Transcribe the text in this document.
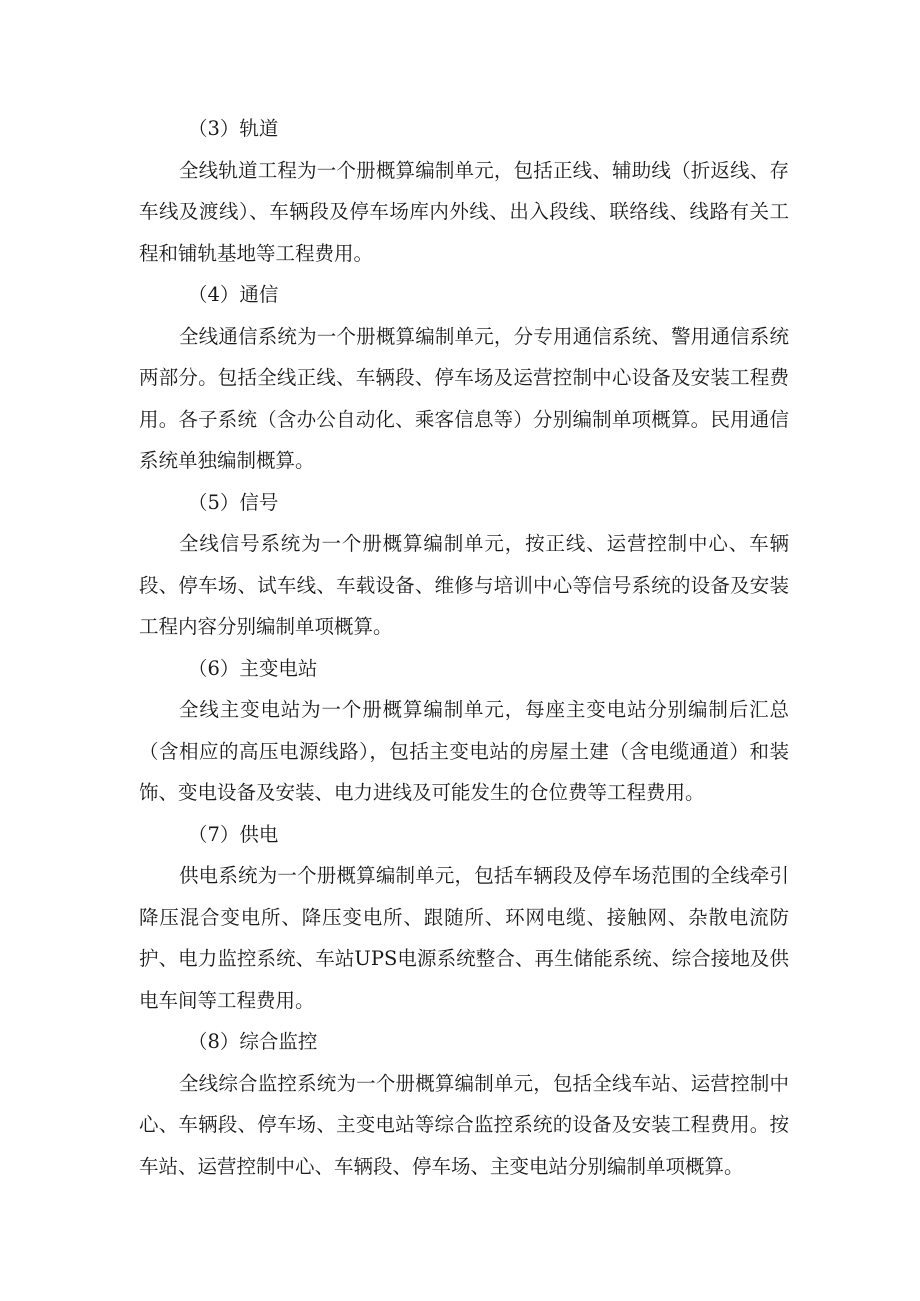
（3）轨道

全线轨道工程为一个册概算编制单元，包括正线、辅助线（折返线、存车线及渡线）、车辆段及停车场库内外线、出入段线、联络线、线路有关工程和铺轨基地等工程费用。

（4）通信

全线通信系统为一个册概算编制单元，分专用通信系统、警用通信系统两部分。包括全线正线、车辆段、停车场及运营控制中心设备及安装工程费用。各子系统（含办公自动化、乘客信息等）分别编制单项概算。民用通信系统单独编制概算。

（5）信号

全线信号系统为一个册概算编制单元，按正线、运营控制中心、车辆段、停车场、试车线、车载设备、维修与培训中心等信号系统的设备及安装工程内容分别编制单项概算。

（6）主变电站

全线主变电站为一个册概算编制单元，每座主变电站分别编制后汇总（含相应的高压电源线路），包括主变电站的房屋土建（含电缆通道）和装饰、变电设备及安装、电力进线及可能发生的仓位费等工程费用。

（7）供电

供电系统为一个册概算编制单元，包括车辆段及停车场范围的全线牵引降压混合变电所、降压变电所、跟随所、环网电缆、接触网、杂散电流防护、电力监控系统、车站UPS电源系统整合、再生储能系统、综合接地及供电车间等工程费用。

（8）综合监控

全线综合监控系统为一个册概算编制单元，包括全线车站、运营控制中心、车辆段、停车场、主变电站等综合监控系统的设备及安装工程费用。按车站、运营控制中心、车辆段、停车场、主变电站分别编制单项概算。
